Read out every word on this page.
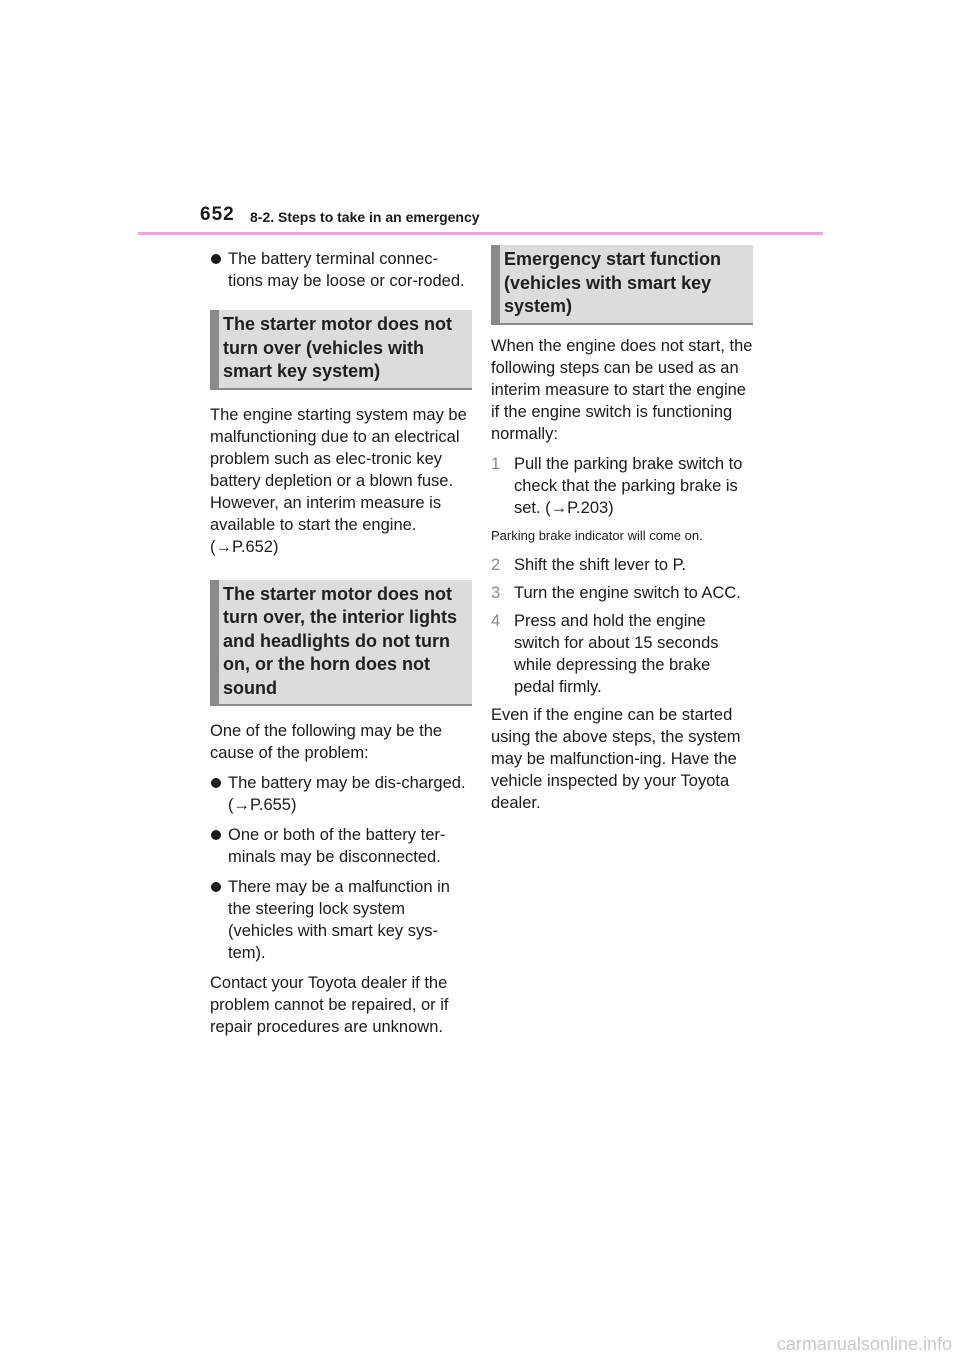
652 8-2. Steps to take in an emergency
The battery terminal connec-tions may be loose or cor-roded.
The starter motor does not turn over (vehicles with smart key system)

The engine starting system may be malfunctioning due to an electrical problem such as elec-tronic key battery depletion or a blown fuse. However, an interim measure is available to start the engine. (→P.652)

The starter motor does not turn over, the interior lights and headlights do not turn on, or the horn does not sound

One of the following may be the cause of the problem:

The battery may be dis-charged. (→P.655)
One or both of the battery ter-minals may be disconnected.
There may be a malfunction in the steering lock system (vehicles with smart key sys-tem).

Contact your Toyota dealer if the problem cannot be repaired, or if repair procedures are unknown.

Emergency start function (vehicles with smart key system)

When the engine does not start, the following steps can be used as an interim measure to start the engine if the engine switch is functioning normally:

1 Pull the parking brake switch to check that the parking brake is set. (→P.203)
Parking brake indicator will come on.
2 Shift the shift lever to P.
3 Turn the engine switch to ACC.
4 Press and hold the engine switch for about 15 seconds while depressing the brake pedal firmly.

Even if the engine can be started using the above steps, the system may be malfunction-ing. Have the vehicle inspected by your Toyota dealer.

carmanualsonline.info
